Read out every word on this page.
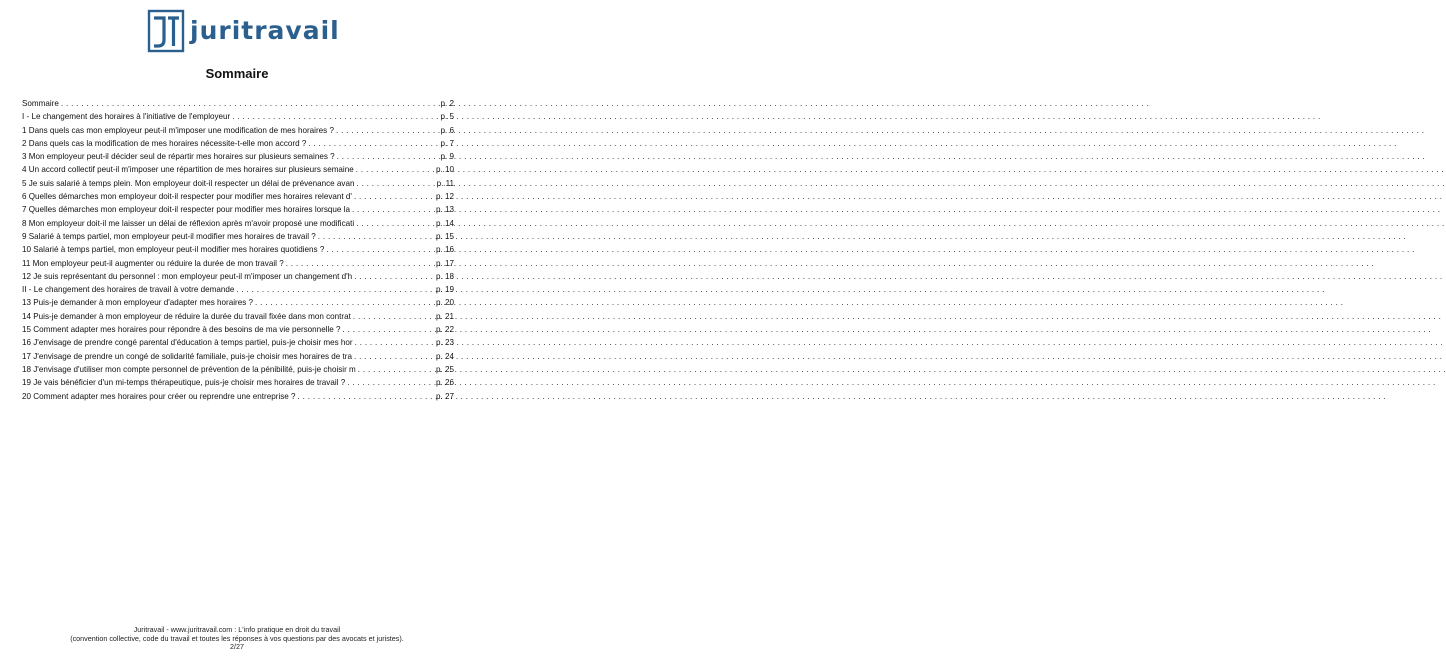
juritravail
Sommaire
Sommaire . . .	p. 2
I - Le changement des horaires à l'initiative de l'employeur . . .	p. 5
1 Dans quels cas mon employeur peut-il m'imposer une modification de mes horaires ? . . .	p. 6
2 Dans quels cas la modification de mes horaires nécessite-t-elle mon accord ? . . .	p. 7
3 Mon employeur peut-il décider seul de répartir mes horaires sur plusieurs semaines ? . . .	p. 9
4 Un accord collectif peut-il m'imposer une répartition de mes horaires sur plusieurs semaine . . .	p. 10
5 Je suis salarié à temps plein. Mon employeur doit-il respecter un délai de prévenance avan . . .	p. 11
6 Quelles démarches mon employeur doit-il respecter pour modifier mes horaires relevant d' . . .	p. 12
7 Quelles démarches mon employeur doit-il respecter pour modifier mes horaires lorsque la . . .	p. 13
8 Mon employeur doit-il me laisser un délai de réflexion après m'avoir proposé une modificati . . .	p. 14
9 Salarié à temps partiel, mon employeur peut-il modifier mes horaires de travail ? . . .	p. 15
10 Salarié à temps partiel, mon employeur peut-il modifier mes horaires quotidiens ? . . .	p. 16
11 Mon employeur peut-il augmenter ou réduire la durée de mon travail ? . . .	p. 17
12 Je suis représentant du personnel : mon employeur peut-il m'imposer un changement d'h . . .	p. 18
II - Le changement des horaires de travail à votre demande . . .	p. 19
13 Puis-je demander à mon employeur d'adapter mes horaires ? . . .	p. 20
14 Puis-je demander à mon employeur de réduire la durée du travail fixée dans mon contrat . . .	p. 21
15 Comment adapter mes horaires pour répondre à des besoins de ma vie personnelle ? . . .	p. 22
16 J'envisage de prendre congé parental d'éducation à temps partiel, puis-je choisir mes hor . . .	p. 23
17 J'envisage de prendre un congé de solidarité familiale, puis-je choisir mes horaires de tra . . .	p. 24
18 J'envisage d'utiliser mon compte personnel de prévention de la pénibilité, puis-je choisir m . . .	p. 25
19 Je vais bénéficier d'un mi-temps thérapeutique, puis-je choisir mes horaires de travail ? . . .	p. 26
20 Comment adapter mes horaires pour créer ou reprendre une entreprise ? . . .	p. 27
Juritravail - www.juritravail.com : L'info pratique en droit du travail
(convention collective, code du travail et toutes les réponses à vos questions par des avocats et juristes).
2/27
